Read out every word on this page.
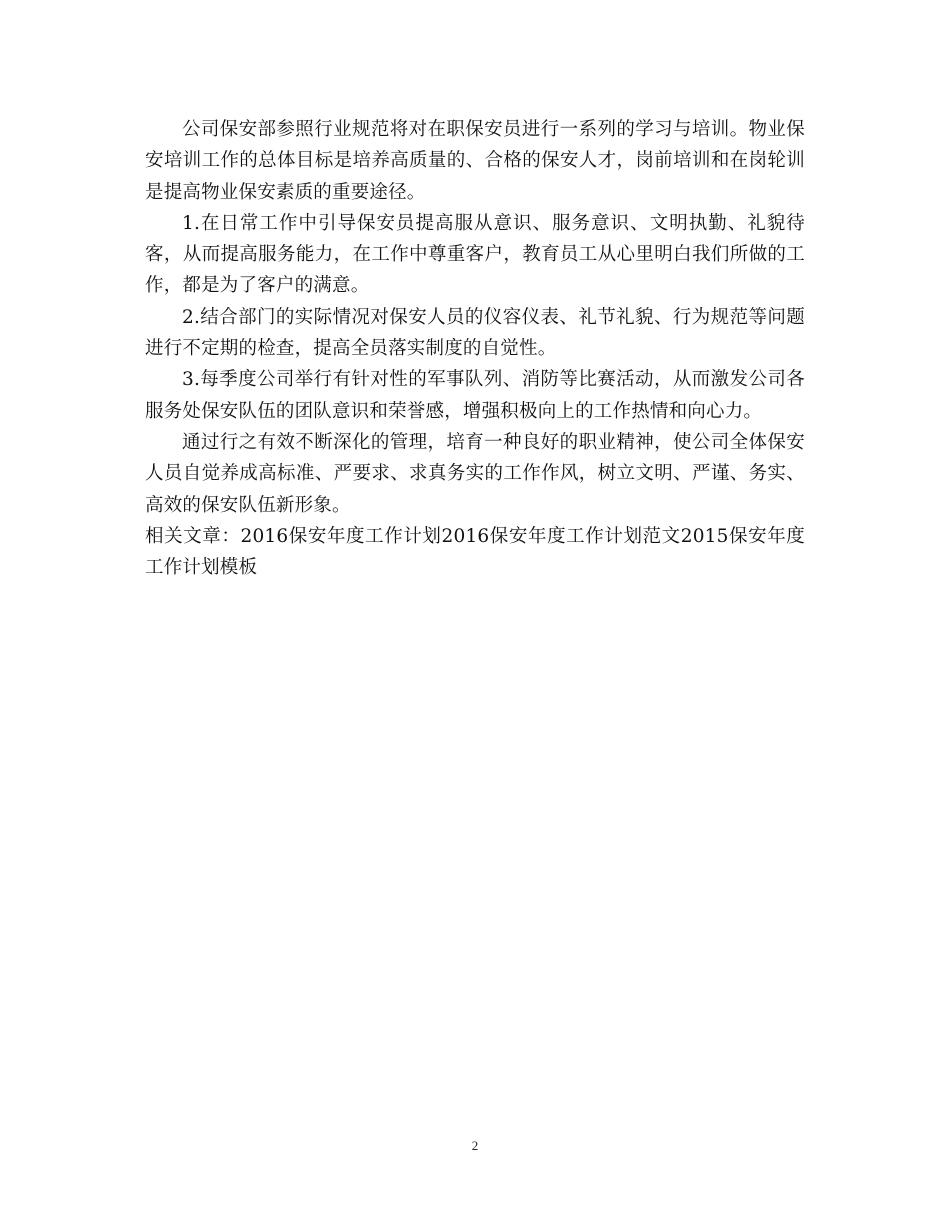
公司保安部参照行业规范将对在职保安员进行一系列的学习与培训。物业保安培训工作的总体目标是培养高质量的、合格的保安人才，岗前培训和在岗轮训是提高物业保安素质的重要途径。

1.在日常工作中引导保安员提高服从意识、服务意识、文明执勤、礼貌待客，从而提高服务能力，在工作中尊重客户，教育员工从心里明白我们所做的工作，都是为了客户的满意。

2.结合部门的实际情况对保安人员的仪容仪表、礼节礼貌、行为规范等问题进行不定期的检查，提高全员落实制度的自觉性。

3.每季度公司举行有针对性的军事队列、消防等比赛活动，从而激发公司各服务处保安队伍的团队意识和荣誉感，增强积极向上的工作热情和向心力。

通过行之有效不断深化的管理，培育一种良好的职业精神，使公司全体保安人员自觉养成高标准、严要求、求真务实的工作作风，树立文明、严谨、务实、高效的保安队伍新形象。

相关文章：2016保安年度工作计划2016保安年度工作计划范文2015保安年度工作计划模板

2
